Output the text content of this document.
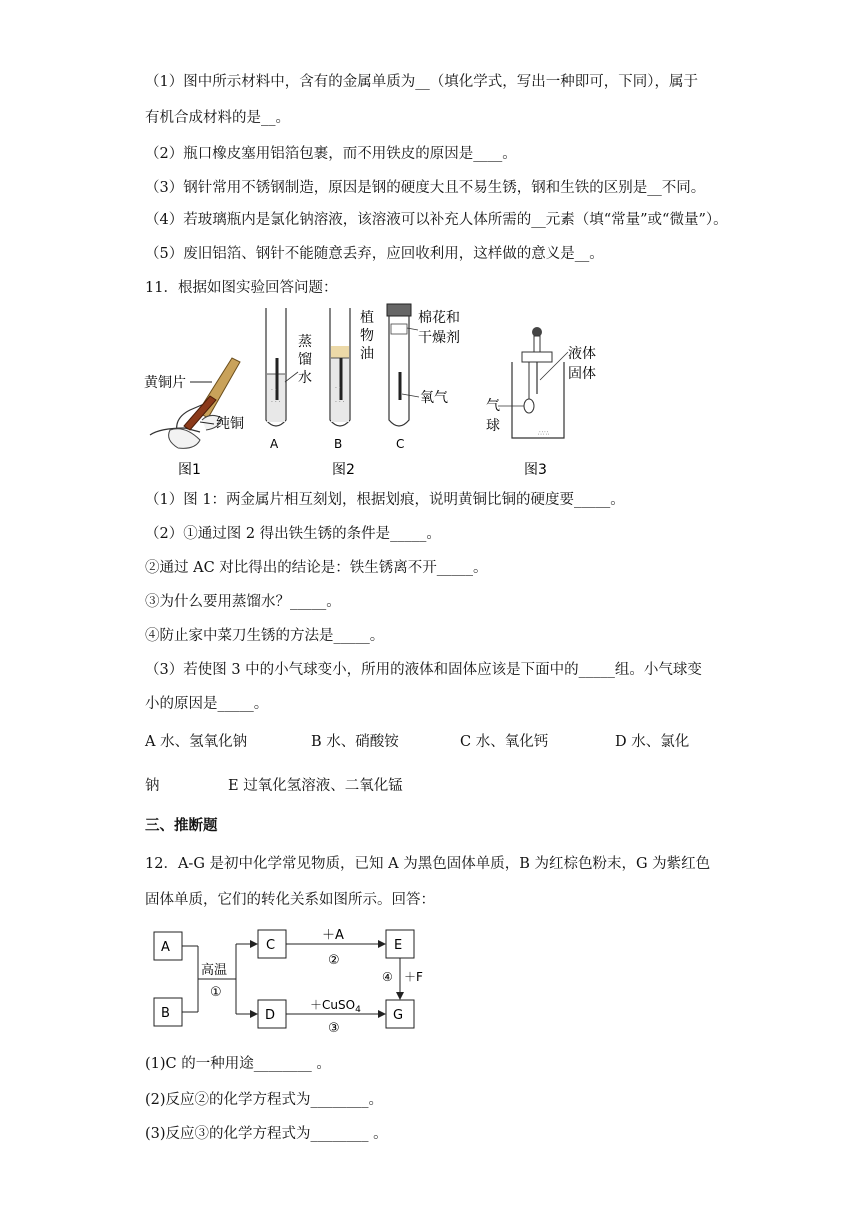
（1）图中所示材料中，含有的金属单质为__（填化学式，写出一种即可，下同），属于
有机合成材料的是__。
（2）瓶口橡皮塞用铝箔包裹，而不用铁皮的原因是____。
（3）钢针常用不锈钢制造，原因是钢的硬度大且不易生锈，钢和生铁的区别是__不同。
（4）若玻璃瓶内是氯化钠溶液，该溶液可以补充人体所需的__元素（填“常量”或“微量”）。
（5）废旧铝箔、钢针不能随意丢弃，应回收利用，这样做的意义是__。
11．根据如图实验回答问题：
黄铜片
纯铜
· ·
· · ·
蒸
馏
水
A
· ·
· · ·
植
物
油
B
棉花和
干燥剂
氧气
C
∴∵∴
液体
固体
气
球
图1	图2	图3
（1）图 1：两金属片相互刻划，根据划痕，说明黄铜比铜的硬度要_____。
（2）①通过图 2 得出铁生锈的条件是_____。
②通过 AC 对比得出的结论是：铁生锈离不开_____。
③为什么要用蒸馏水？_____。
④防止家中菜刀生锈的方法是_____。
（3）若使图 3 中的小气球变小，所用的液体和固体应该是下面中的_____组。小气球变
小的原因是_____。
A 水、氢氧化钠	B 水、硝酸铵	C 水、氧化钙	D 水、氯化
钠	E 过氧化氢溶液、二氧化锰
三、推断题
12．A-G 是初中化学常见物质，已知 A 为黑色固体单质，B 为红棕色粉末，G 为紫红色
固体单质，它们的转化关系如图所示。回答：
A
B
C
D
E
G
高温
①
＋A
②
④ ＋F
＋CuSO$_4$
③
(1)C 的一种用途________ 。
(2)反应②的化学方程式为________。
(3)反应③的化学方程式为________ 。
